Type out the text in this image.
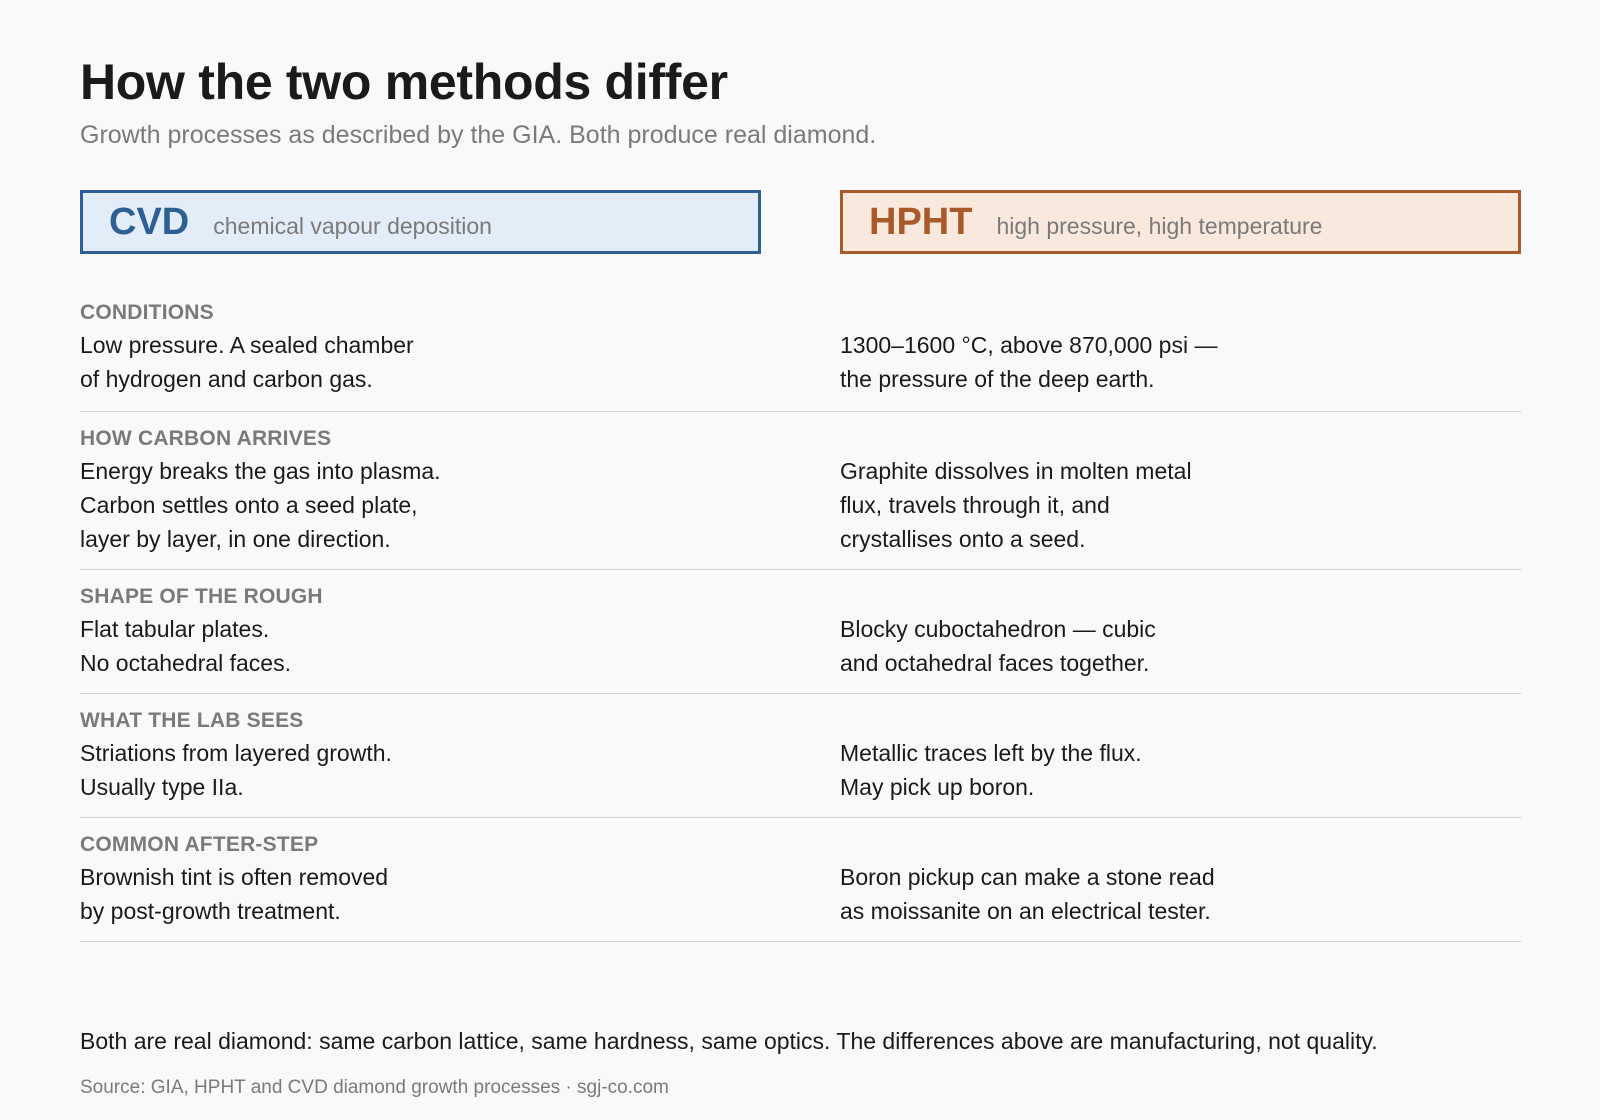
How the two methods differ
Growth processes as described by the GIA. Both produce real diamond.
CVD chemical vapour deposition	HPHT high pressure, high temperature
CONDITIONS
Low pressure. A sealed chamber
of hydrogen and carbon gas.
1300–1600 °C, above 870,000 psi —
the pressure of the deep earth.
HOW CARBON ARRIVES
Energy breaks the gas into plasma.
Carbon settles onto a seed plate,
layer by layer, in one direction.
Graphite dissolves in molten metal
flux, travels through it, and
crystallises onto a seed.
SHAPE OF THE ROUGH
Flat tabular plates.
No octahedral faces.
Blocky cuboctahedron — cubic
and octahedral faces together.
WHAT THE LAB SEES
Striations from layered growth.
Usually type IIa.
Metallic traces left by the flux.
May pick up boron.
COMMON AFTER-STEP
Brownish tint is often removed
by post-growth treatment.
Boron pickup can make a stone read
as moissanite on an electrical tester.
Both are real diamond: same carbon lattice, same hardness, same optics. The differences above are manufacturing, not quality.
Source: GIA, HPHT and CVD diamond growth processes · sgj-co.com
